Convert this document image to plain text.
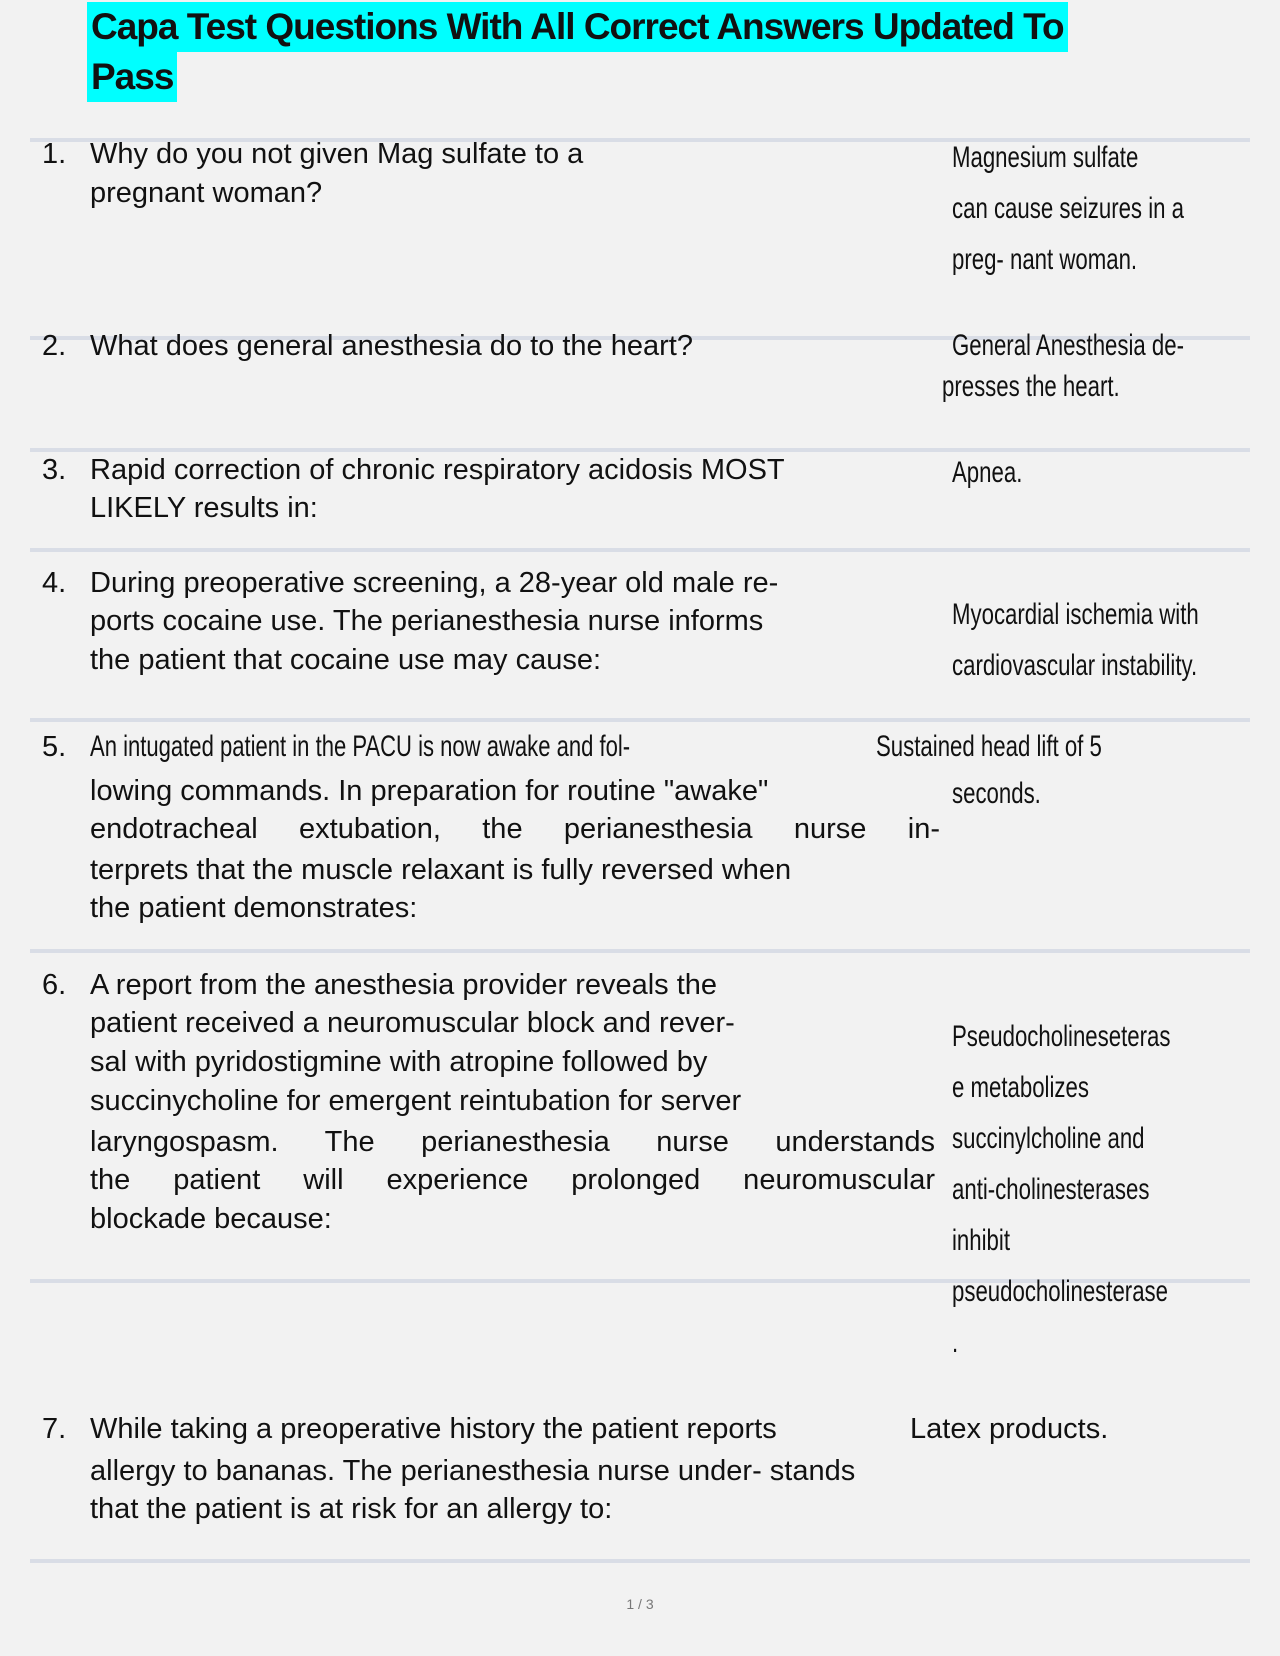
Capa Test Questions With All Correct Answers Updated To
Pass
1. Why do you not given Mag sulfate to a
pregnant woman?
Magnesium sulfate
can cause seizures in a
preg- nant woman.
2. What does general anesthesia do to the heart?	General Anesthesia de-
presses the heart.
3. Rapid correction of chronic respiratory acidosis MOST
LIKELY results in:
Apnea.
4. During preoperative screening, a 28-year old male re-
ports cocaine use. The perianesthesia nurse informs
the patient that cocaine use may cause:
Myocardial ischemia with
cardiovascular instability.
5. An intugated patient in the PACU is now awake and fol-
lowing commands. In preparation for routine "awake"
endotracheal extubation, the perianesthesia nurse in-
terprets that the muscle relaxant is fully reversed when
the patient demonstrates:
Sustained head lift of 5
seconds.
6. A report from the anesthesia provider reveals the
patient received a neuromuscular block and rever-
sal with pyridostigmine with atropine followed by
succinycholine for emergent reintubation for server
laryngospasm. The perianesthesia nurse understands
the patient will experience prolonged neuromuscular
blockade because:
Pseudocholineseteras
e metabolizes
succinylcholine and
anti-cholinesterases
inhibit
pseudocholinesterase
.
7. While taking a preoperative history the patient reports
allergy to bananas. The perianesthesia nurse under- stands
that the patient is at risk for an allergy to:
Latex products.
1 / 3
